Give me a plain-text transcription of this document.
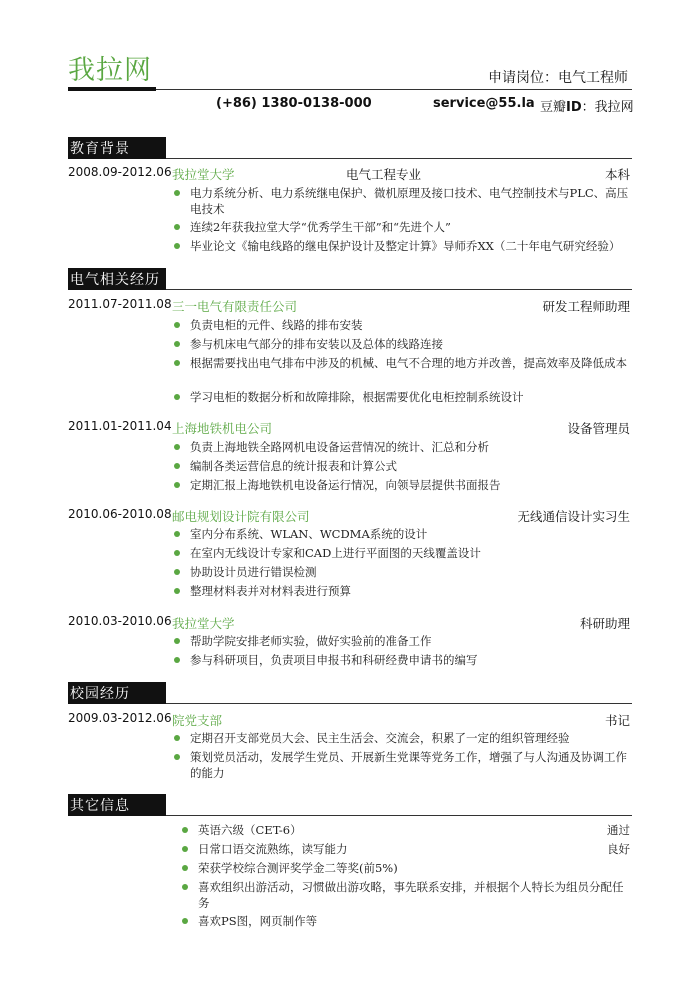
我拉网	申请岗位：电气工程师
(+86) 1380-0138-000	service@55.la 豆瓣ID：我拉网
教育背景
2008.09-2012.06 我拉堂大学	电气工程专业	本科
电力系统分析、电力系统继电保护、微机原理及接口技术、电气控制技术与PLC、高压电技术
连续2年获我拉堂大学“优秀学生干部”和“先进个人”
毕业论文《输电线路的继电保护设计及整定计算》导师乔XX（二十年电气研究经验）
电气相关经历
2011.07-2011.08 三一电气有限责任公司	研发工程师助理
负责电柜的元件、线路的排布安装
参与机床电气部分的排布安装以及总体的线路连接
根据需要找出电气排布中涉及的机械、电气不合理的地方并改善，提高效率及降低成本
学习电柜的数据分析和故障排除，根据需要优化电柜控制系统设计
2011.01-2011.04 上海地铁机电公司	设备管理员
负责上海地铁全路网机电设备运营情况的统计、汇总和分析
编制各类运营信息的统计报表和计算公式
定期汇报上海地铁机电设备运行情况，向领导层提供书面报告
2010.06-2010.08 邮电规划设计院有限公司	无线通信设计实习生
室内分布系统、WLAN、WCDMA系统的设计
在室内无线设计专家和CAD上进行平面图的天线覆盖设计
协助设计员进行错误检测
整理材料表并对材料表进行预算
2010.03-2010.06 我拉堂大学	科研助理
帮助学院安排老师实验，做好实验前的准备工作
参与科研项目，负责项目申报书和科研经费申请书的编写
校园经历
2009.03-2012.06 院党支部	书记
定期召开支部党员大会、民主生活会、交流会，积累了一定的组织管理经验
策划党员活动，发展学生党员、开展新生党课等党务工作，增强了与人沟通及协调工作的能力
其它信息
英语六级（CET-6）	通过
日常口语交流熟练，读写能力	良好
荣获学校综合测评奖学金二等奖(前5%)
喜欢组织出游活动，习惯做出游攻略，事先联系安排，并根据个人特长为组员分配任务
喜欢PS图，网页制作等
